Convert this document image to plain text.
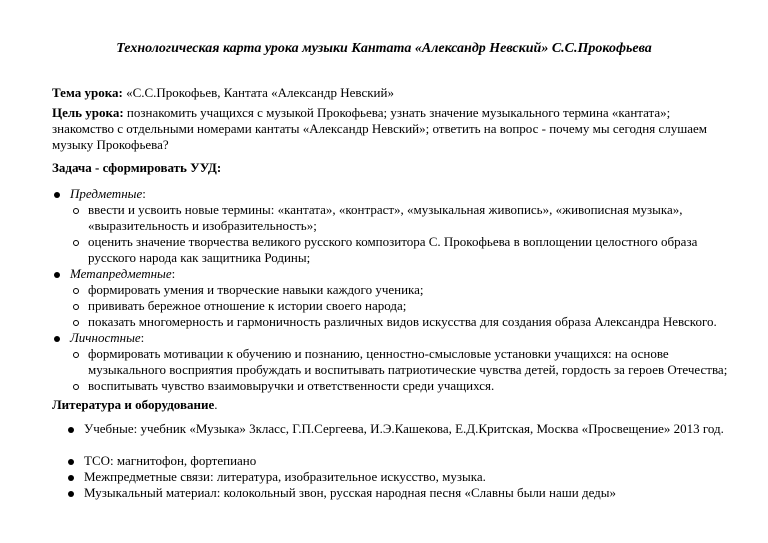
Технологическая карта урока музыки Кантата «Александр Невский» С.С.Прокофьева
Тема урока: «С.С.Прокофьев, Кантата «Александр Невский»
Цель урока: познакомить учащихся с музыкой Прокофьева; узнать значение музыкального термина «кантата»; знакомство с отдельными номерами кантаты «Александр Невский»; ответить на вопрос - почему мы сегодня слушаем музыку Прокофьева?
Задача - сформировать УУД:
Предметные:
ввести и усвоить новые термины: «кантата», «контраст», «музыкальная живопись», «живописная музыка», «выразительность и изобразительность»;
оценить значение творчества великого русского композитора С. Прокофьева в воплощении целостного образа русского народа как защитника Родины;
Метапредметные:
формировать умения и творческие навыки каждого ученика;
прививать бережное отношение к истории своего народа;
показать многомерность и гармоничность различных видов искусства для создания образа Александра Невского.
Личностные:
формировать мотивации к обучению и познанию, ценностно-смысловые установки учащихся: на основе музыкального восприятия пробуждать и воспитывать патриотические чувства детей, гордость за героев Отечества;
воспитывать чувство взаимовыручки и ответственности среди учащихся.
Литература и оборудование.
Учебные: учебник «Музыка» 3класс, Г.П.Сергеева, И.Э.Кашекова, Е.Д.Критская, Москва «Просвещение» 2013 год.
ТСО: магнитофон, фортепиано
Межпредметные связи: литература, изобразительное искусство, музыка.
Музыкальный материал: колокольный звон, русская народная песня «Славны были наши деды»
